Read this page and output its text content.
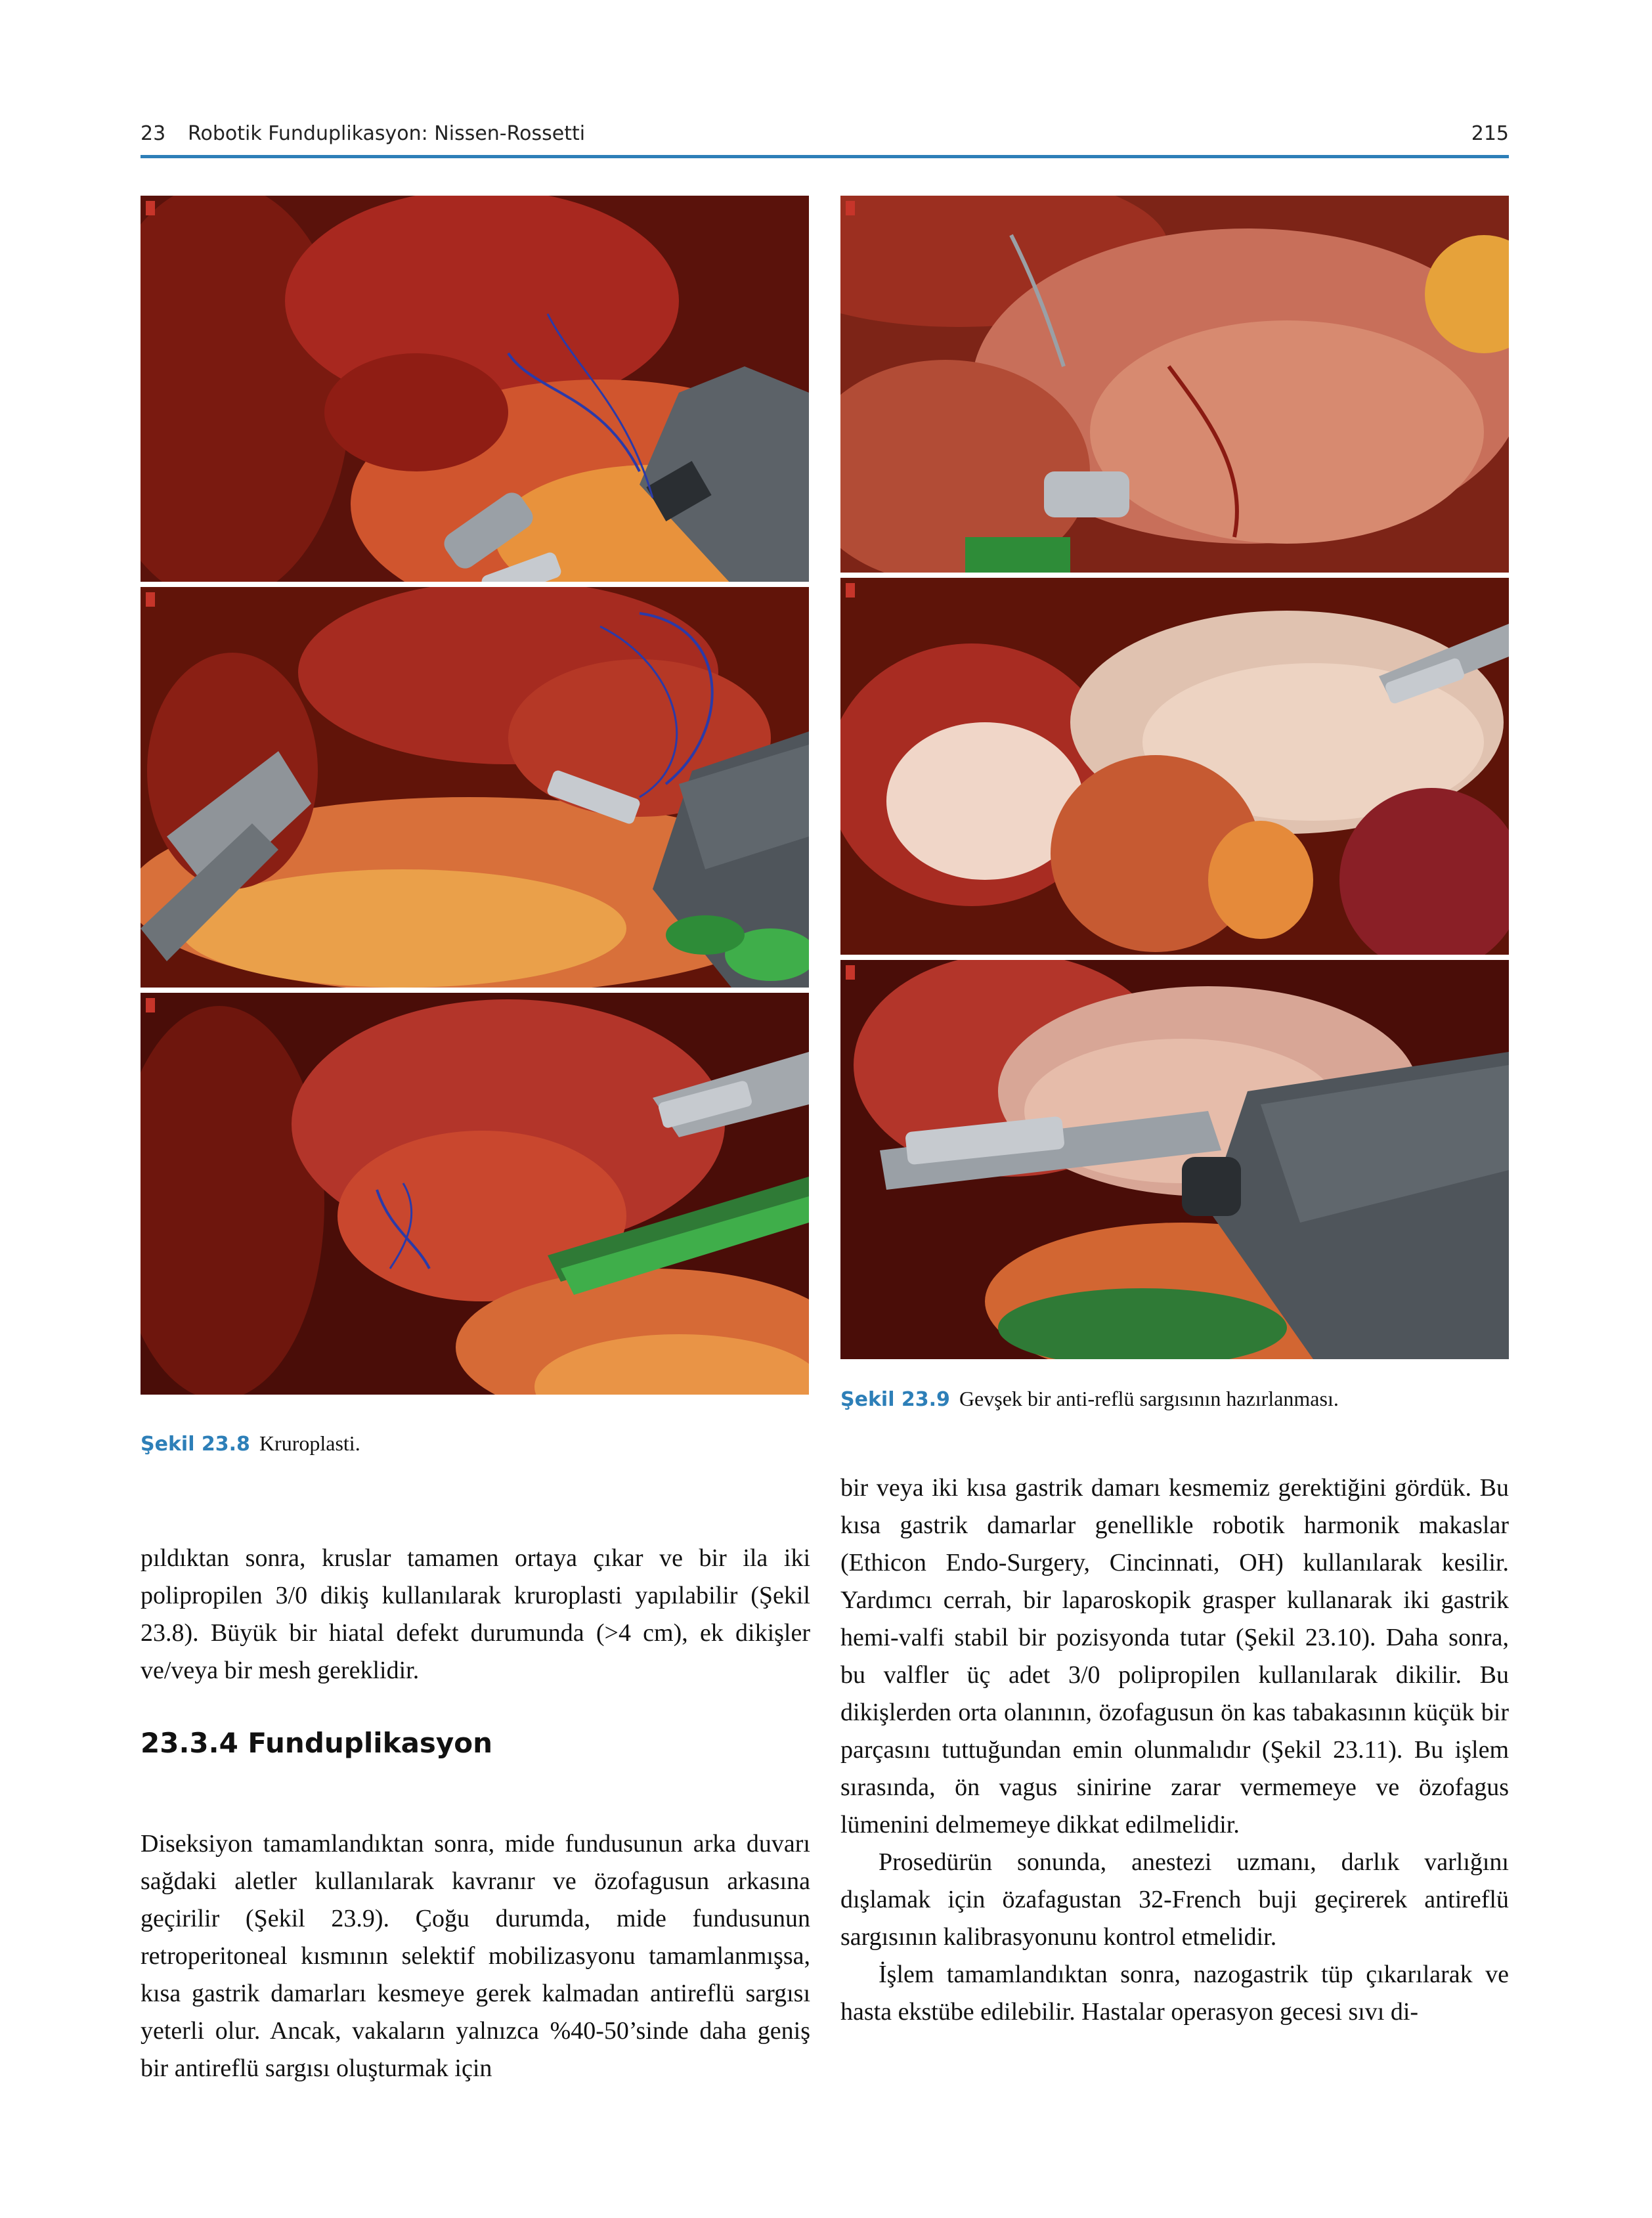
23 Robotik Funduplikasyon: Nissen-Rossetti	215
Şekil 23.8 Kruroplasti.
Şekil 23.9 Gevşek bir anti-reflü sargısının hazırlanması.

pıldıktan sonra, kruslar tamamen ortaya çıkar ve bir ila iki polipropilen 3/0 dikiş kullanılarak kruroplasti yapılabilir (Şekil 23.8). Büyük bir hiatal defekt durumunda (>4 cm), ek dikişler ve/veya bir mesh gereklidir.

23.3.4 Funduplikasyon

Diseksiyon tamamlandıktan sonra, mide fundusunun arka duvarı sağdaki aletler kullanılarak kavranır ve özofagusun arkasına geçirilir (Şekil 23.9). Çoğu durumda, mide fundusunun retroperitoneal kısmının selektif mobilizasyonu tamamlanmışsa, kısa gastrik damarları kesmeye gerek kalmadan antireflü sargısı yeterli olur. Ancak, vakaların yalnızca %40-50’sinde daha geniş bir antireflü sargısı oluşturmak için

bir veya iki kısa gastrik damarı kesmemiz gerektiğini gördük. Bu kısa gastrik damarlar genellikle robotik harmonik makaslar (Ethicon Endo-Surgery, Cincinnati, OH) kullanılarak kesilir. Yardımcı cerrah, bir laparoskopik grasper kullanarak iki gastrik hemi-valfi stabil bir pozisyonda tutar (Şekil 23.10). Daha sonra, bu valfler üç adet 3/0 polipropilen kullanılarak dikilir. Bu dikişlerden orta olanının, özofagusun ön kas tabakasının küçük bir parçasını tuttuğundan emin olunmalıdır (Şekil 23.11). Bu işlem sırasında, ön vagus sinirine zarar vermemeye ve özofagus lümenini delmemeye dikkat edilmelidir.

Prosedürün sonunda, anestezi uzmanı, darlık varlığını dışlamak için özafagustan 32-French buji geçirerek antireflü sargısının kalibrasyonunu kontrol etmelidir.

İşlem tamamlandıktan sonra, nazogastrik tüp çıkarılarak ve hasta ekstübe edilebilir. Hastalar operasyon gecesi sıvı di-
